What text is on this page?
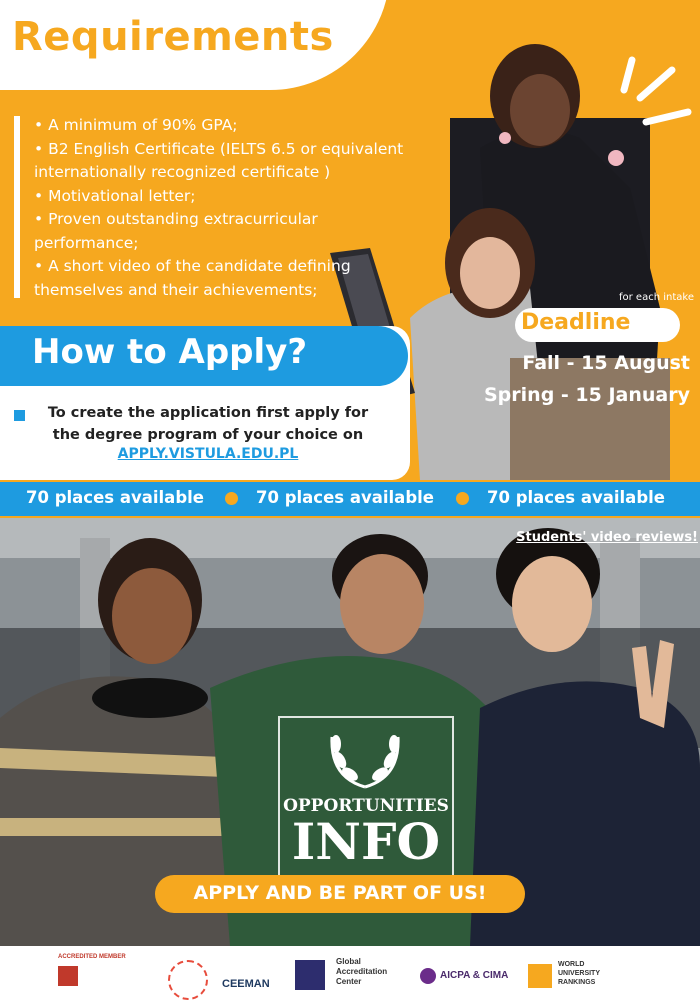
Requirements
• A minimum of 90% GPA;
• B2 English Certificate (IELTS 6.5 or equivalent
internationally recognized certificate )
• Motivational letter;
• Proven outstanding extracurricular
performance;
• A short video of the candidate defining
themselves and their achievements;	for each intake
Deadline
Fall - 15 August
Spring - 15 January
How to Apply?
To create the application first apply for
the degree program of your choice on
APPLY.VISTULA.EDU.PL
70 places available	70 places available	70 places available
Students' video reviews!
OPPORTUNITIES
INFO
APPLY AND BE PART OF US!
ACCREDITED MEMBER
CEEMAN
Global
Accreditation
Center
AICPA & CIMA
WORLD
UNIVERSITY
RANKINGS
